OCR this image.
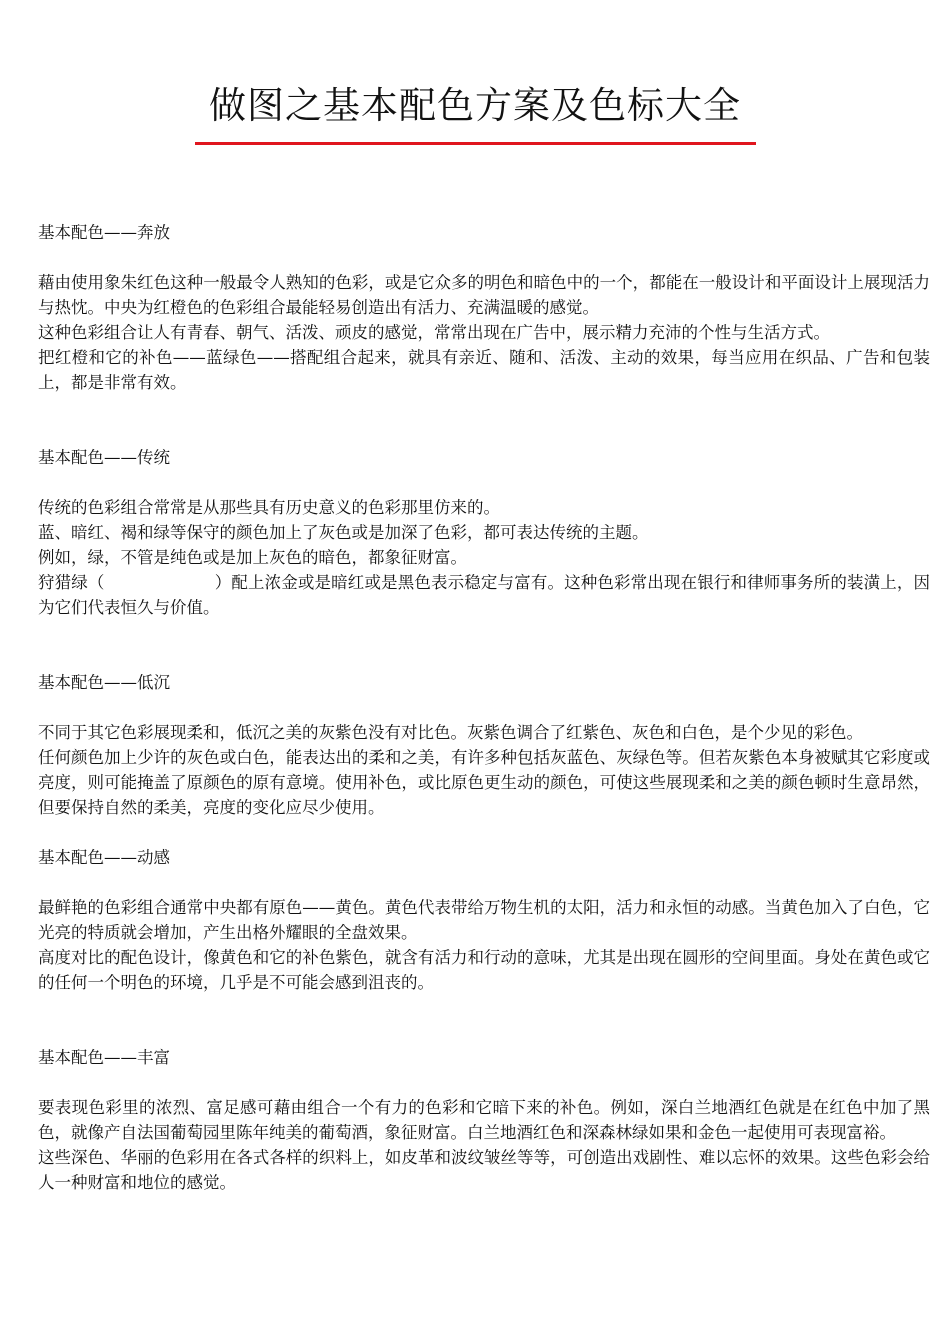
做图之基本配色方案及色标大全

基本配色——奔放

藉由使用象朱红色这种一般最令人熟知的色彩，或是它众多的明色和暗色中的一个，都能在一般设计和平面设计上展现活力与热忱。中央为红橙色的色彩组合最能轻易创造出有活力、充满温暖的感觉。

这种色彩组合让人有青春、朝气、活泼、顽皮的感觉，常常出现在广告中，展示精力充沛的个性与生活方式。

把红橙和它的补色——蓝绿色——搭配组合起来，就具有亲近、随和、活泼、主动的效果，每当应用在织品、广告和包装上，都是非常有效。

基本配色——传统

传统的色彩组合常常是从那些具有历史意义的色彩那里仿来的。

蓝、暗红、褐和绿等保守的颜色加上了灰色或是加深了色彩，都可表达传统的主题。

例如，绿，不管是纯色或是加上灰色的暗色，都象征财富。

狩猎绿（	）配上浓金或是暗红或是黑色表示稳定与富有。这种色彩常出现在银行和律师事务所的装潢上，因为它们代表恒久与价值。

基本配色——低沉

不同于其它色彩展现柔和，低沉之美的灰紫色没有对比色。灰紫色调合了红紫色、灰色和白色，是个少见的彩色。

任何颜色加上少许的灰色或白色，能表达出的柔和之美，有许多种包括灰蓝色、灰绿色等。但若灰紫色本身被赋其它彩度或亮度，则可能掩盖了原颜色的原有意境。使用补色，或比原色更生动的颜色，可使这些展现柔和之美的颜色顿时生意昂然，但要保持自然的柔美，亮度的变化应尽少使用。

基本配色——动感

最鲜艳的色彩组合通常中央都有原色——黄色。黄色代表带给万物生机的太阳，活力和永恒的动感。当黄色加入了白色，它光亮的特质就会增加，产生出格外耀眼的全盘效果。

高度对比的配色设计，像黄色和它的补色紫色，就含有活力和行动的意味，尤其是出现在圆形的空间里面。身处在黄色或它的任何一个明色的环境，几乎是不可能会感到沮丧的。

基本配色——丰富

要表现色彩里的浓烈、富足感可藉由组合一个有力的色彩和它暗下来的补色。例如，深白兰地酒红色就是在红色中加了黑色，就像产自法国葡萄园里陈年纯美的葡萄酒，象征财富。白兰地酒红色和深森林绿如果和金色一起使用可表现富裕。

这些深色、华丽的色彩用在各式各样的织料上，如皮革和波纹皱丝等等，可创造出戏剧性、难以忘怀的效果。这些色彩会给人一种财富和地位的感觉。
